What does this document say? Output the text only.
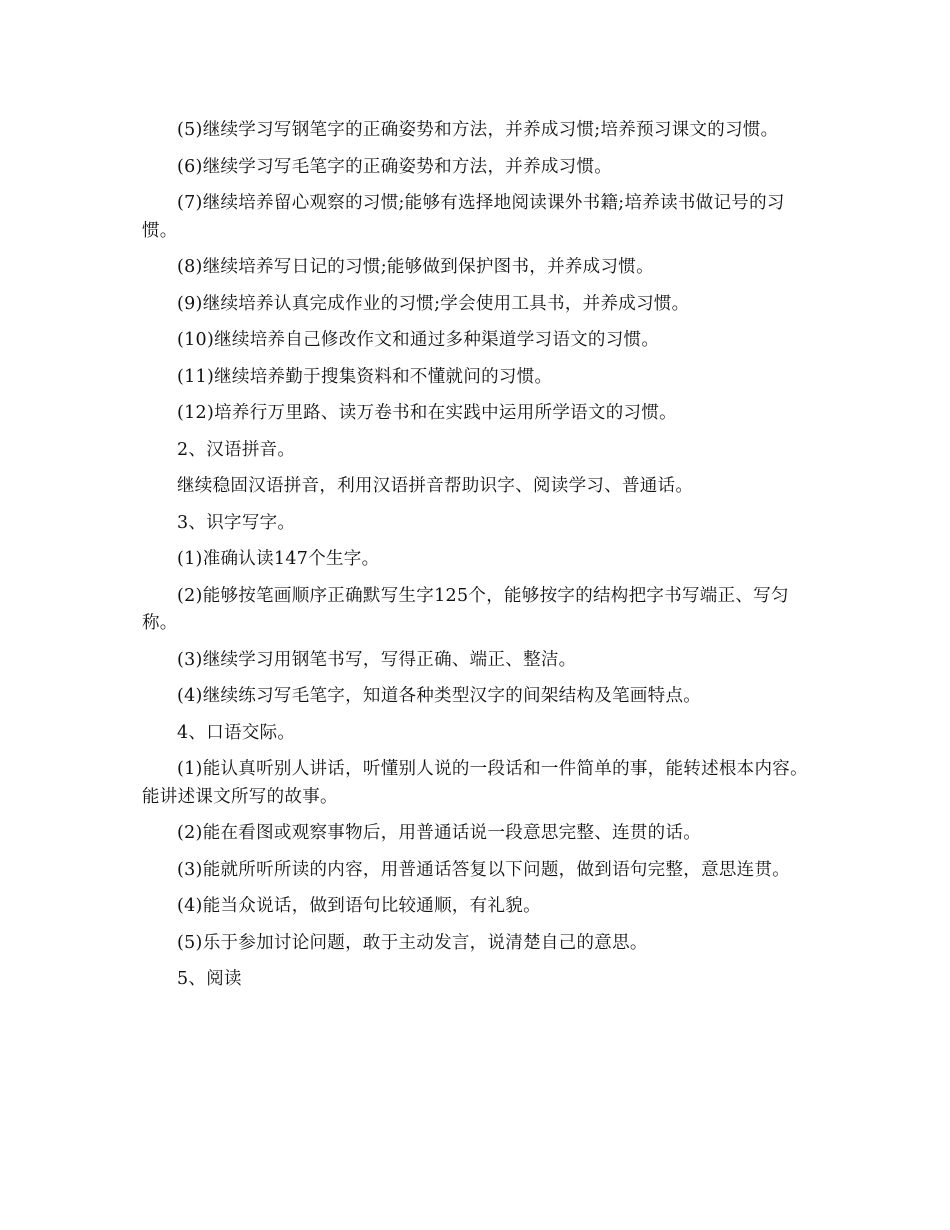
(5)继续学习写钢笔字的正确姿势和方法，并养成习惯;培养预习课文的习惯。

(6)继续学习写毛笔字的正确姿势和方法，并养成习惯。

(7)继续培养留心观察的习惯;能够有选择地阅读课外书籍;培养读书做记号的习惯。

(8)继续培养写日记的习惯;能够做到保护图书，并养成习惯。

(9)继续培养认真完成作业的习惯;学会使用工具书，并养成习惯。

(10)继续培养自己修改作文和通过多种渠道学习语文的习惯。

(11)继续培养勤于搜集资料和不懂就问的习惯。

(12)培养行万里路、读万卷书和在实践中运用所学语文的习惯。

2、汉语拼音。

继续稳固汉语拼音，利用汉语拼音帮助识字、阅读学习、普通话。

3、识字写字。

(1)准确认读147个生字。

(2)能够按笔画顺序正确默写生字125个，能够按字的结构把字书写端正、写匀称。

(3)继续学习用钢笔书写，写得正确、端正、整洁。

(4)继续练习写毛笔字，知道各种类型汉字的间架结构及笔画特点。

4、口语交际。

(1)能认真听别人讲话，听懂别人说的一段话和一件简单的事，能转述根本内容。能讲述课文所写的故事。

(2)能在看图或观察事物后，用普通话说一段意思完整、连贯的话。

(3)能就所听所读的内容，用普通话答复以下问题，做到语句完整，意思连贯。

(4)能当众说话，做到语句比较通顺，有礼貌。

(5)乐于参加讨论问题，敢于主动发言，说清楚自己的意思。

5、阅读
